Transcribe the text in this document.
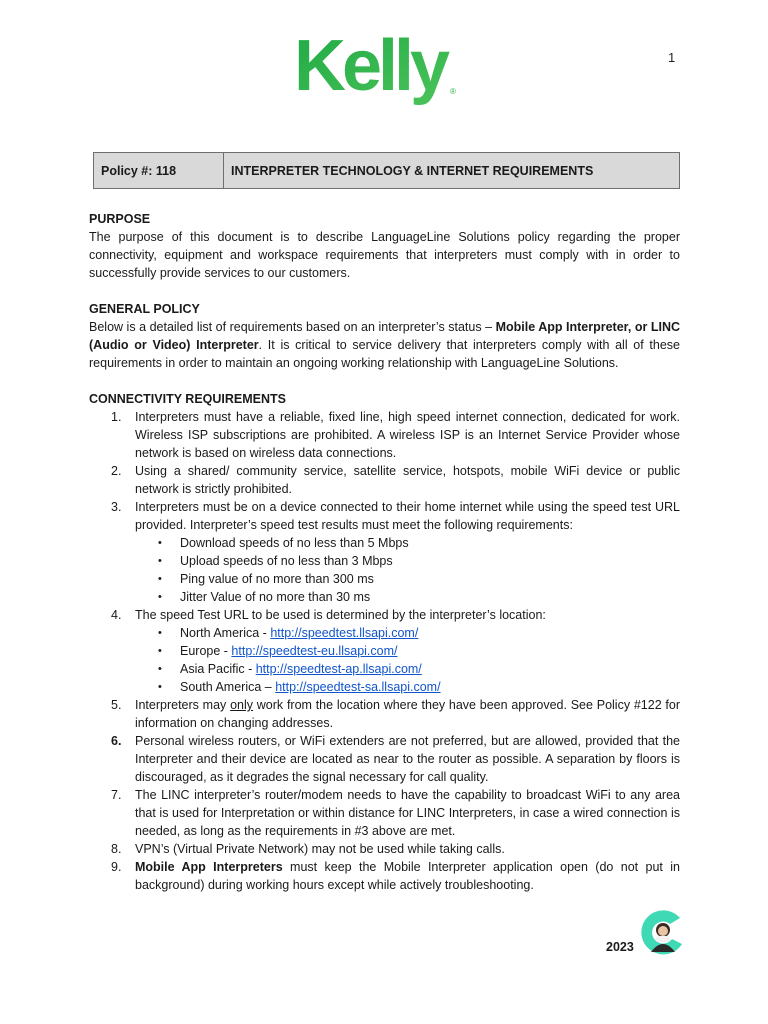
Kelly ®
1
Policy #: 118	INTERPRETER TECHNOLOGY & INTERNET REQUIREMENTS

PURPOSE

The purpose of this document is to describe LanguageLine Solutions policy regarding the proper connectivity, equipment and workspace requirements that interpreters must comply with in order to successfully provide services to our customers.

GENERAL POLICY

Below is a detailed list of requirements based on an interpreter’s status – Mobile App Interpreter, or LINC (Audio or Video) Interpreter. It is critical to service delivery that interpreters comply with all of these requirements in order to maintain an ongoing working relationship with LanguageLine Solutions.

CONNECTIVITY REQUIREMENTS

1. Interpreters must have a reliable, fixed line, high speed internet connection, dedicated for work. Wireless ISP subscriptions are prohibited. A wireless ISP is an Internet Service Provider whose network is based on wireless data connections.
2. Using a shared/ community service, satellite service, hotspots, mobile WiFi device or public network is strictly prohibited.
3. Interpreters must be on a device connected to their home internet while using the speed test URL provided. Interpreter’s speed test results must meet the following requirements:
• Download speeds of no less than 5 Mbps
• Upload speeds of no less than 3 Mbps
• Ping value of no more than 300 ms
• Jitter Value of no more than 30 ms
4. The speed Test URL to be used is determined by the interpreter’s location:
• North America - http://speedtest.llsapi.com/
• Europe - http://speedtest-eu.llsapi.com/
• Asia Pacific - http://speedtest-ap.llsapi.com/
• South America – http://speedtest-sa.llsapi.com/
5. Interpreters may only work from the location where they have been approved. See Policy #122 for information on changing addresses.
6. Personal wireless routers, or WiFi extenders are not preferred, but are allowed, provided that the Interpreter and their device are located as near to the router as possible. A separation by floors is discouraged, as it degrades the signal necessary for call quality.
7. The LINC interpreter’s router/modem needs to have the capability to broadcast WiFi to any area that is used for Interpretation or within distance for LINC Interpreters, in case a wired connection is needed, as long as the requirements in #3 above are met.
8. VPN’s (Virtual Private Network) may not be used while taking calls.
9. Mobile App Interpreters must keep the Mobile Interpreter application open (do not put in background) during working hours except while actively troubleshooting.
2023
